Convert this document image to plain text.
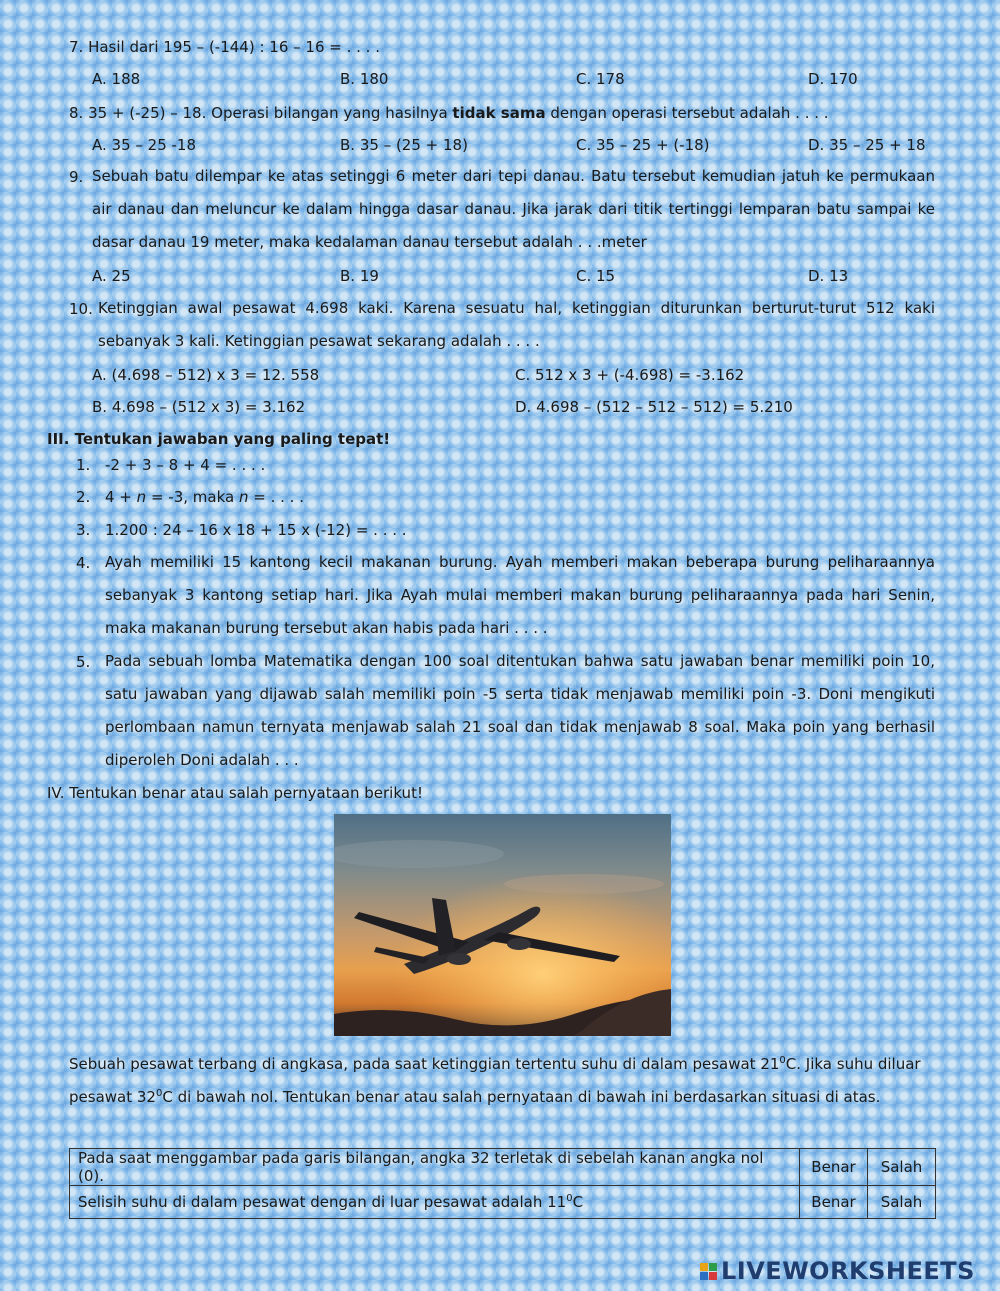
7. Hasil dari 195 – (-144) : 16 – 16 = . . . .
A. 188	B. 180	C. 178	D. 170
8. 35 + (-25) – 18. Operasi bilangan yang hasilnya tidak sama dengan operasi tersebut adalah . . . .
A. 35 – 25 -18	B. 35 – (25 + 18)	C. 35 – 25 + (-18)	D. 35 – 25 + 18
9. Sebuah batu dilempar ke atas setinggi 6 meter dari tepi danau. Batu tersebut kemudian jatuh ke permukaan air danau dan meluncur ke dalam hingga dasar danau. Jika jarak dari titik tertinggi lemparan batu sampai ke dasar danau 19 meter, maka kedalaman danau tersebut adalah . . .meter
A. 25	B. 19	C. 15	D. 13
10. Ketinggian awal pesawat 4.698 kaki. Karena sesuatu hal, ketinggian diturunkan berturut-turut 512 kaki sebanyak 3 kali. Ketinggian pesawat sekarang adalah . . . .
A. (4.698 – 512) x 3 = 12. 558	C. 512 x 3 + (-4.698) = -3.162
B. 4.698 – (512 x 3) = 3.162	D. 4.698 – (512 – 512 – 512) = 5.210
III. Tentukan jawaban yang paling tepat!
1. -2 + 3 – 8 + 4 = . . . .
2. 4 + n = -3, maka n = . . . .
3. 1.200 : 24 – 16 x 18 + 15 x (-12) = . . . .
4. Ayah memiliki 15 kantong kecil makanan burung. Ayah memberi makan beberapa burung peliharaannya sebanyak 3 kantong setiap hari. Jika Ayah mulai memberi makan burung peliharaannya pada hari Senin, maka makanan burung tersebut akan habis pada hari . . . .
5. Pada sebuah lomba Matematika dengan 100 soal ditentukan bahwa satu jawaban benar memiliki poin 10, satu jawaban yang dijawab salah memiliki poin -5 serta tidak menjawab memiliki poin -3. Doni mengikuti perlombaan namun ternyata menjawab salah 21 soal dan tidak menjawab 8 soal. Maka poin yang berhasil diperoleh Doni adalah . . .
IV. Tentukan benar atau salah pernyataan berikut!
Sebuah pesawat terbang di angkasa, pada saat ketinggian tertentu suhu di dalam pesawat $21^0C$. Jika suhu diluar
pesawat $32^0C$ di bawah nol. Tentukan benar atau salah pernyataan di bawah ini berdasarkan situasi di atas.
Pada saat menggambar pada garis bilangan, angka 32 terletak di sebelah kanan angka nol (0).	Benar	Salah
Selisih suhu di dalam pesawat dengan di luar pesawat adalah $11^0C$	Benar	Salah
LIVEWORKSHEETS
